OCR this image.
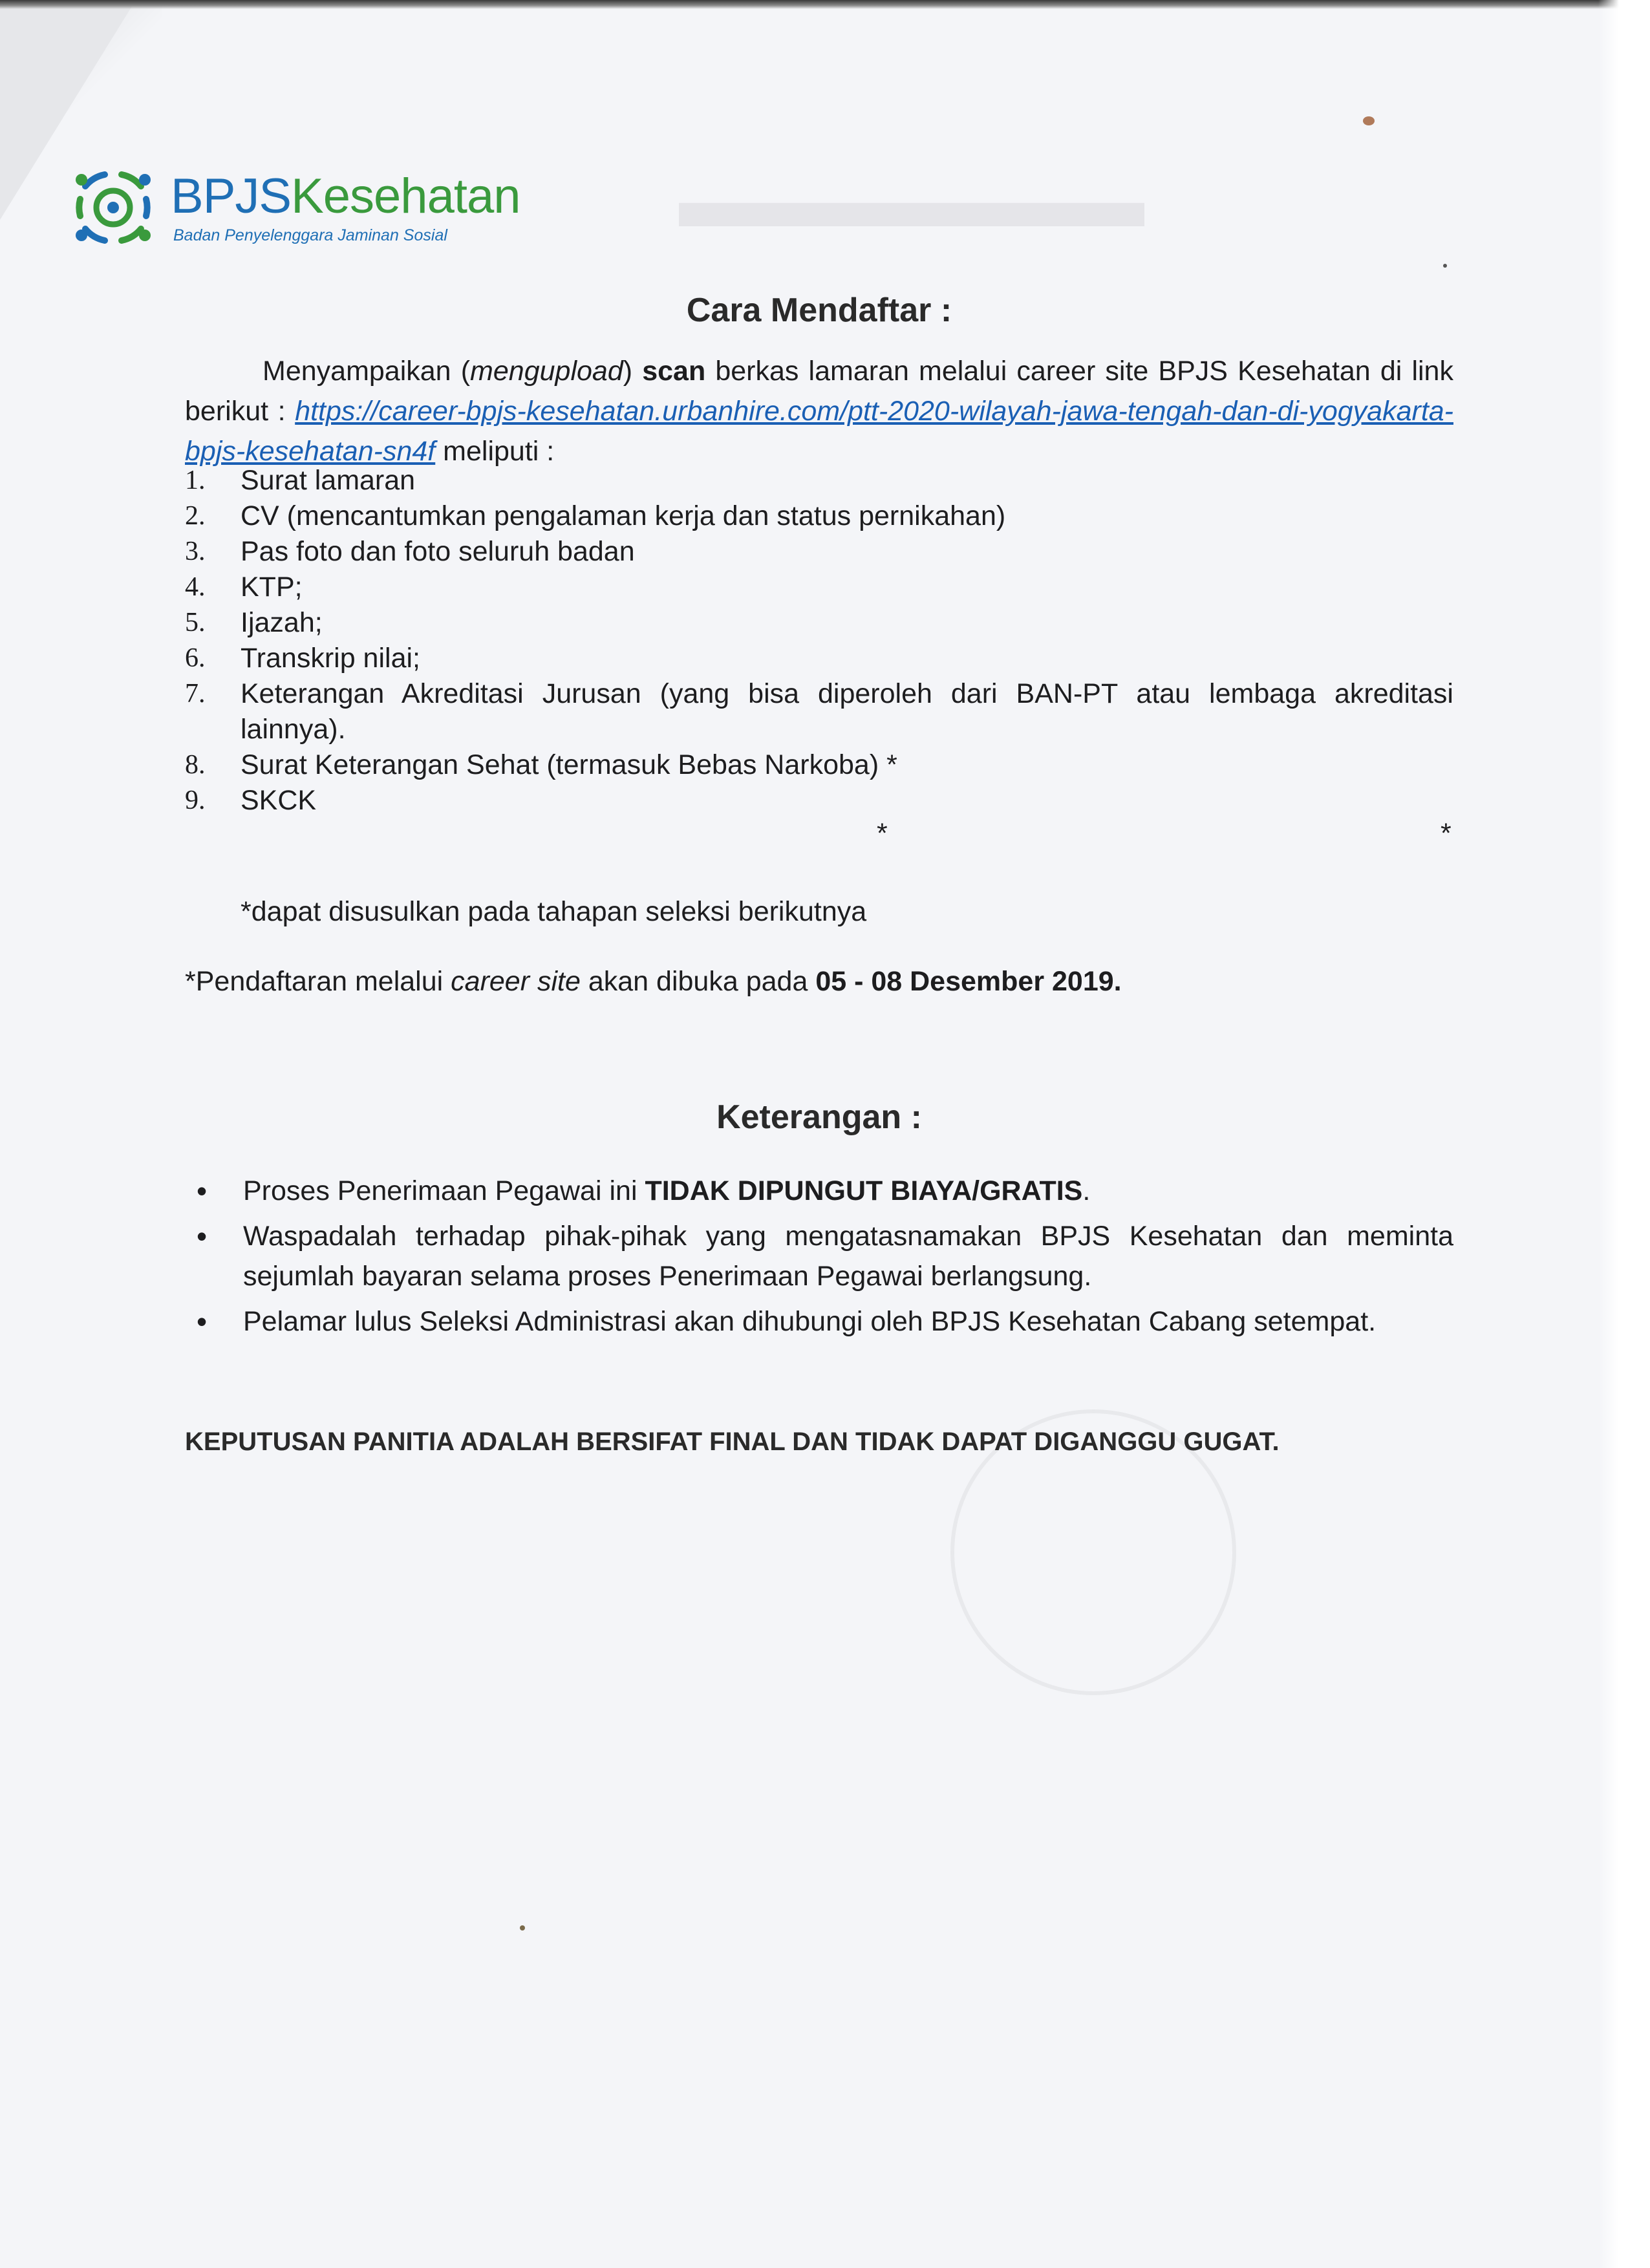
▬▬▬▬▬▬
BPJSKesehatan
Badan Penyelenggara Jaminan Sosial
Cara Mendaftar :

Menyampaikan (mengupload) scan berkas lamaran melalui career site BPJS Kesehatan di link berikut : https://career-bpjs-kesehatan.urbanhire.com/ptt-2020-wilayah-jawa-tengah-dan-di-yogyakarta-bpjs-kesehatan-sn4f meliputi :

1. Surat lamaran
2. CV (mencantumkan pengalaman kerja dan status pernikahan)
3. Pas foto dan foto seluruh badan
4. KTP;
5. Ijazah;
6. Transkrip nilai;
7. Keterangan Akreditasi Jurusan (yang bisa diperoleh dari BAN-PT atau lembaga akreditasi lainnya).
8. Surat Keterangan Sehat (termasuk Bebas Narkoba) *
9. SKCK
*	*
*dapat disusulkan pada tahapan seleksi berikutnya
*Pendaftaran melalui career site akan dibuka pada 05 - 08 Desember 2019.
Keterangan :
• Proses Penerimaan Pegawai ini TIDAK DIPUNGUT BIAYA/GRATIS.
• Waspadalah terhadap pihak-pihak yang mengatasnamakan BPJS Kesehatan dan meminta sejumlah bayaran selama proses Penerimaan Pegawai berlangsung.
• Pelamar lulus Seleksi Administrasi akan dihubungi oleh BPJS Kesehatan Cabang setempat.
KEPUTUSAN PANITIA ADALAH BERSIFAT FINAL DAN TIDAK DAPAT DIGANGGU GUGAT.
